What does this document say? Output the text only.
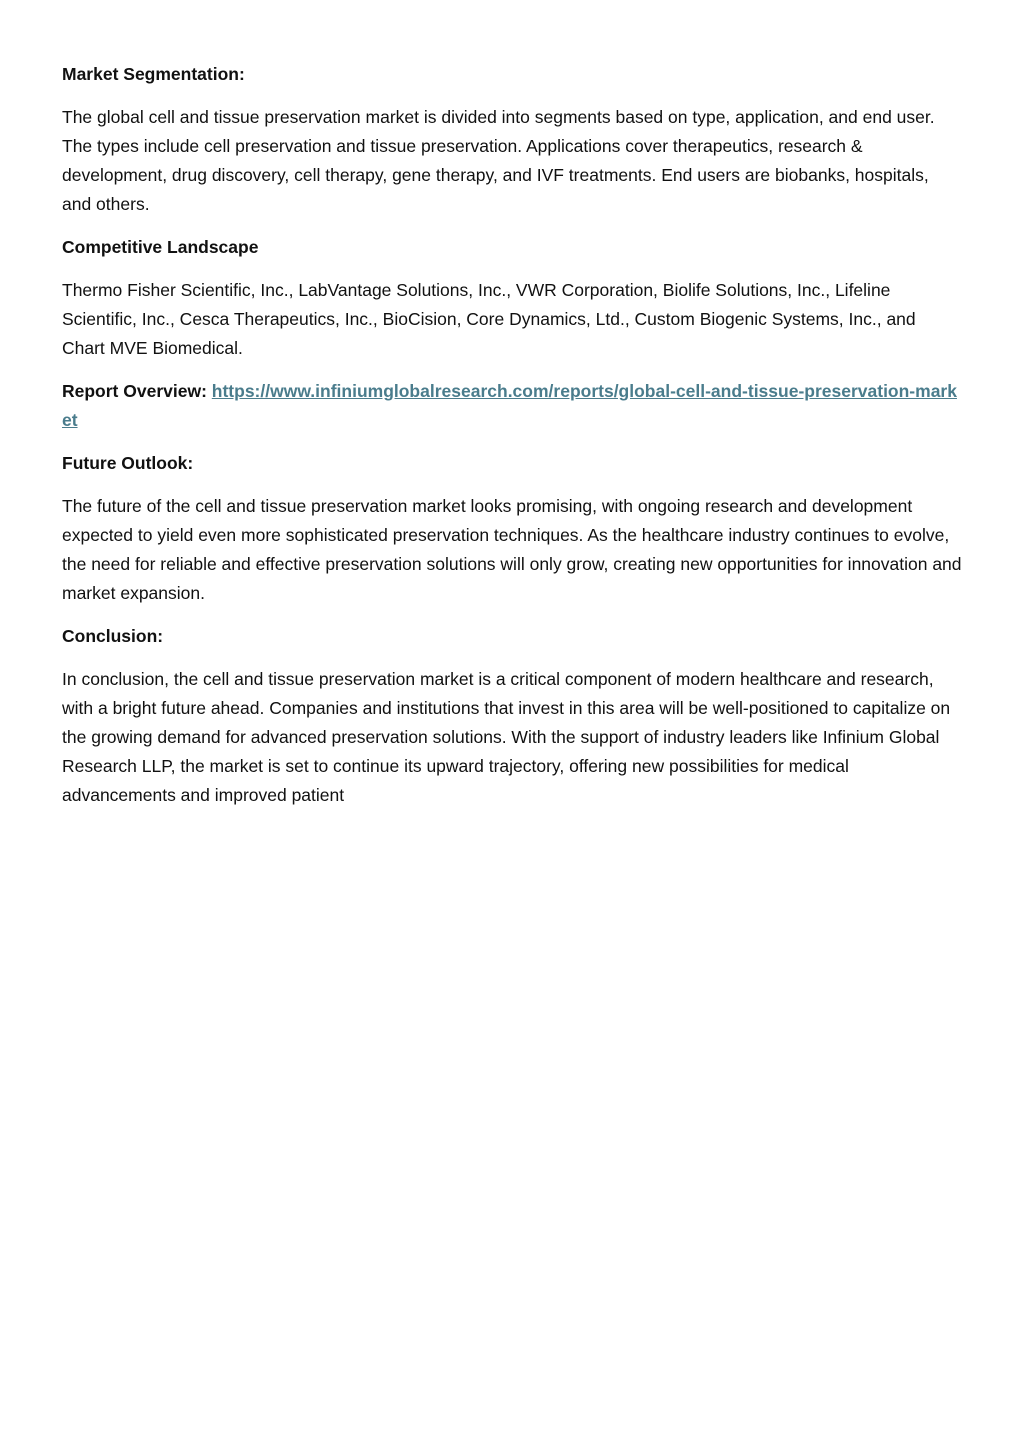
Market Segmentation:
The global cell and tissue preservation market is divided into segments based on type, application, and end user. The types include cell preservation and tissue preservation. Applications cover therapeutics, research & development, drug discovery, cell therapy, gene therapy, and IVF treatments. End users are biobanks, hospitals, and others.
Competitive Landscape
Thermo Fisher Scientific, Inc., LabVantage Solutions, Inc., VWR Corporation, Biolife Solutions, Inc., Lifeline Scientific, Inc., Cesca Therapeutics, Inc., BioCision, Core Dynamics, Ltd., Custom Biogenic Systems, Inc., and Chart MVE Biomedical.
Report Overview: https://www.infiniumglobalresearch.com/reports/global-cell-and-tissue-preservation-market
Future Outlook:
The future of the cell and tissue preservation market looks promising, with ongoing research and development expected to yield even more sophisticated preservation techniques. As the healthcare industry continues to evolve, the need for reliable and effective preservation solutions will only grow, creating new opportunities for innovation and market expansion.
Conclusion:
In conclusion, the cell and tissue preservation market is a critical component of modern healthcare and research, with a bright future ahead. Companies and institutions that invest in this area will be well-positioned to capitalize on the growing demand for advanced preservation solutions. With the support of industry leaders like Infinium Global Research LLP, the market is set to continue its upward trajectory, offering new possibilities for medical advancements and improved patient
